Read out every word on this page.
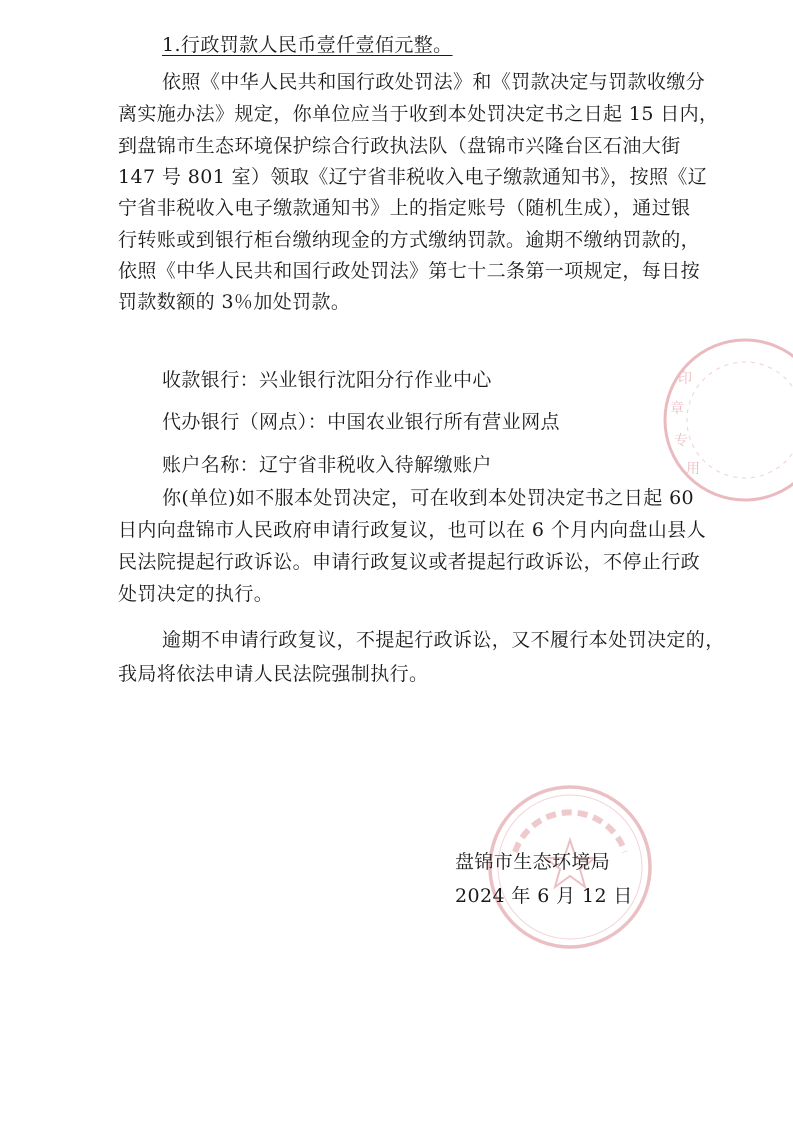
1.行政罚款人民币壹仟壹佰元整。
依照《中华人民共和国行政处罚法》和《罚款决定与罚款收缴分
离实施办法》规定，你单位应当于收到本处罚决定书之日起 15 日内，
到盘锦市生态环境保护综合行政执法队（盘锦市兴隆台区石油大街
147 号 801 室）领取《辽宁省非税收入电子缴款通知书》，按照《辽
宁省非税收入电子缴款通知书》上的指定账号（随机生成），通过银
行转账或到银行柜台缴纳现金的方式缴纳罚款。逾期不缴纳罚款的，
依照《中华人民共和国行政处罚法》第七十二条第一项规定，每日按
罚款数额的 3％加处罚款。
收款银行：兴业银行沈阳分行作业中心
代办银行（网点）：中国农业银行所有营业网点
账户名称：辽宁省非税收入待解缴账户
你(单位)如不服本处罚决定，可在收到本处罚决定书之日起 60
日内向盘锦市人民政府申请行政复议，也可以在 6 个月内向盘山县人
民法院提起行政诉讼。申请行政复议或者提起行政诉讼，不停止行政
处罚决定的执行。
逾期不申请行政复议，不提起行政诉讼，又不履行本处罚决定的，
我局将依法申请人民法院强制执行。
印
章
专
用
盘锦市生态环境局
2024 年 6 月 12 日
